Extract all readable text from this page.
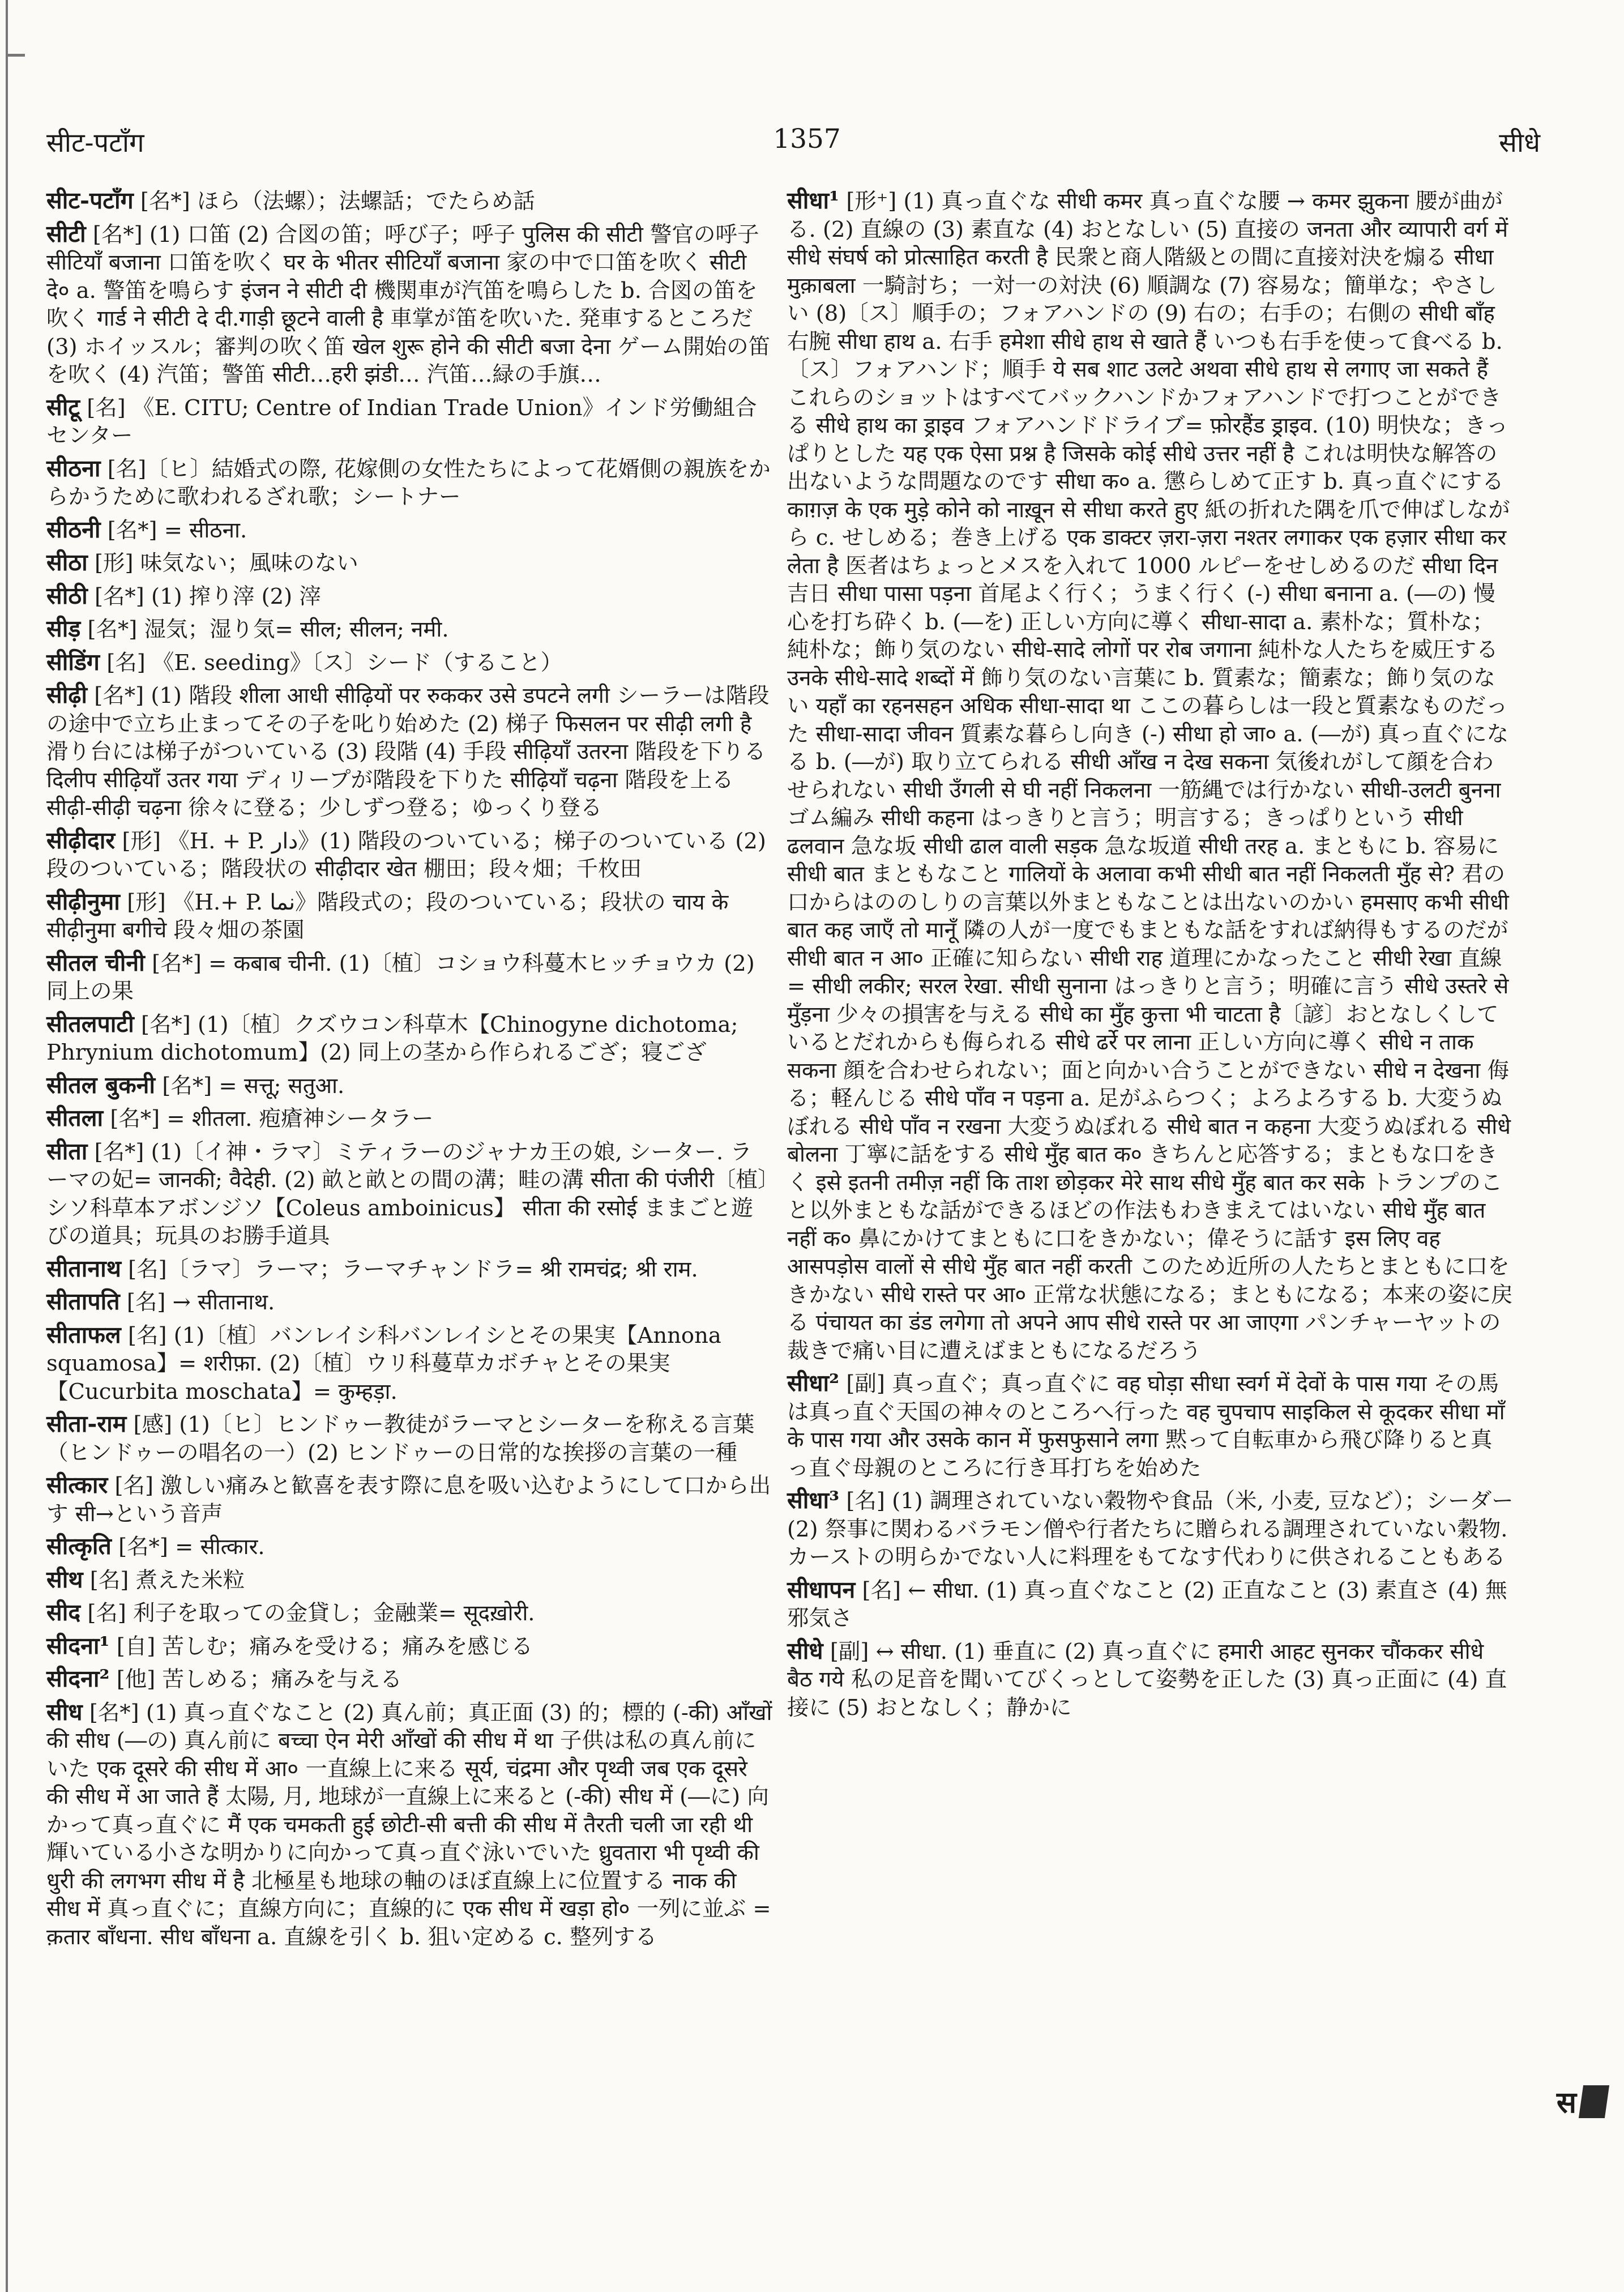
सीट-पटाँग	1357	सीधे
सीट-पटाँग [名*] ほら（法螺）；法螺話；でたらめ話
सीटी [名*] (1) 口笛 (2) 合図の笛；呼び子；呼子 पुलिस की सीटी 警官の呼子 सीटियाँ बजाना 口笛を吹く घर के भीतर सीटियाँ बजाना 家の中で口笛を吹く सीटी दे० a. 警笛を鳴らす इंजन ने सीटी दी 機関車が汽笛を鳴らした b. 合図の笛を吹く गार्ड ने सीटी दे दी.गाड़ी छूटने वाली है 車掌が笛を吹いた. 発車するところだ (3) ホイッスル；審判の吹く笛 खेल शुरू होने की सीटी बजा देना ゲーム開始の笛を吹く (4) 汽笛；警笛 सीटी…हरी झंडी… 汽笛…緑の手旗…
सीटू [名] 《E. CITU; Centre of Indian Trade Union》インド労働組合センター
सीठना [名]〔ヒ〕結婚式の際, 花嫁側の女性たちによって花婿側の親族をからかうために歌われるざれ歌；シートナー
सीठनी [名*] = सीठना.
सीठा [形] 味気ない；風味のない
सीठी [名*] (1) 搾り滓 (2) 滓
सीड़ [名*] 湿気；湿り気= सील; सीलन; नमी.
सीडिंग [名] 《E. seeding》〔ス〕シード（すること）
सीढ़ी [名*] (1) 階段 शीला आधी सीढ़ियों पर रुककर उसे डपटने लगी シーラーは階段の途中で立ち止まってその子を叱り始めた (2) 梯子 फिसलन पर सीढ़ी लगी है 滑り台には梯子がついている (3) 段階 (4) 手段 सीढ़ियाँ उतरना 階段を下りる दिलीप सीढ़ियाँ उतर गया ディリープが階段を下りた सीढ़ियाँ चढ़ना 階段を上る सीढ़ी-सीढ़ी चढ़ना 徐々に登る；少しずつ登る；ゆっくり登る
सीढ़ीदार [形] 《H. + P. دار》(1) 階段のついている；梯子のついている (2) 段のついている；階段状の सीढ़ीदार खेत 棚田；段々畑；千枚田
सीढ़ीनुमा [形] 《H.+ P. نما》階段式の；段のついている；段状の चाय के सीढ़ीनुमा बगीचे 段々畑の茶園
सीतल चीनी [名*] = कबाब चीनी. (1)〔植〕コショウ科蔓木ヒッチョウカ (2) 同上の果
सीतलपाटी [名*] (1)〔植〕クズウコン科草木【Chinogyne dichotoma; Phrynium dichotomum】(2) 同上の茎から作られるござ；寝ござ
सीतल बुकनी [名*] = सत्तू; सतुआ.
सीतला [名*] = शीतला. 疱瘡神シータラー
सीता [名*] (1)〔イ神・ラマ〕ミティラーのジャナカ王の娘, シーター. ラーマの妃= जानकी; वैदेही. (2) 畝と畝との間の溝；畦の溝 सीता की पंजीरी〔植〕シソ科草本アボンジソ【Coleus amboinicus】 सीता की रसोई ままごと遊びの道具；玩具のお勝手道具
सीतानाथ [名]〔ラマ〕ラーマ；ラーマチャンドラ= श्री रामचंद्र; श्री राम.
सीतापति [名] → सीतानाथ.
सीताफल [名] (1)〔植〕バンレイシ科バンレイシとその果実【Annona squamosa】= शरीफ़ा. (2)〔植〕ウリ科蔓草カボチャとその果実【Cucurbita moschata】= कुम्हड़ा.
सीता-राम [感] (1)〔ヒ〕ヒンドゥー教徒がラーマとシーターを称える言葉（ヒンドゥーの唱名の一）(2) ヒンドゥーの日常的な挨拶の言葉の一種
सीत्कार [名] 激しい痛みと歓喜を表す際に息を吸い込むようにして口から出す सी→という音声
सीत्कृति [名*] = सीत्कार.
सीथ [名] 煮えた米粒
सीद [名] 利子を取っての金貸し；金融業= सूदख़ोरी.
सीदना¹ [自] 苦しむ；痛みを受ける；痛みを感じる
सीदना² [他] 苦しめる；痛みを与える
सीध [名*] (1) 真っ直ぐなこと (2) 真ん前；真正面 (3) 的；標的 (-की) आँखों की सीध (―の) 真ん前に बच्चा ऐन मेरी आँखों की सीध में था 子供は私の真ん前にいた एक दूसरे की सीध में आ० 一直線上に来る सूर्य, चंद्रमा और पृथ्वी जब एक दूसरे की सीध में आ जाते हैं 太陽, 月, 地球が一直線上に来ると (-की) सीध में (―に) 向かって真っ直ぐに मैं एक चमकती हुई छोटी-सी बत्ती की सीध में तैरती चली जा रही थी 輝いている小さな明かりに向かって真っ直ぐ泳いでいた ध्रुवतारा भी पृथ्वी की धुरी की लगभग सीध में है 北極星も地球の軸のほぼ直線上に位置する नाक की सीध में 真っ直ぐに；直線方向に；直線的に एक सीध में खड़ा हो० 一列に並ぶ = क़तार बाँधना. सीध बाँधना a. 直線を引く b. 狙い定める c. 整列する
सीधा¹ [形⁺] (1) 真っ直ぐな सीधी कमर 真っ直ぐな腰 → कमर झुकना 腰が曲がる. (2) 直線の (3) 素直な (4) おとなしい (5) 直接の जनता और व्यापारी वर्ग में सीधे संघर्ष को प्रोत्साहित करती है 民衆と商人階級との間に直接対決を煽る सीधा मुक़ाबला 一騎討ち；一対一の対決 (6) 順調な (7) 容易な；簡単な；やさしい (8)〔ス〕順手の；フォアハンドの (9) 右の；右手の；右側の सीधी बाँह 右腕 सीधा हाथ a. 右手 हमेशा सीधे हाथ से खाते हैं いつも右手を使って食べる b.〔ス〕フォアハンド；順手 ये सब शाट उलटे अथवा सीधे हाथ से लगाए जा सकते हैं これらのショットはすべてバックハンドかフォアハンドで打つことができる सीधे हाथ का ड्राइव フォアハンドドライブ= फ़ोरहैंड ड्राइव. (10) 明快な；きっぱりとした यह एक ऐसा प्रश्न है जिसके कोई सीधे उत्तर नहीं है これは明快な解答の出ないような問題なのです सीधा क० a. 懲らしめて正す b. 真っ直ぐにする काग़ज़ के एक मुड़े कोने को नाख़ून से सीधा करते हुए 紙の折れた隅を爪で伸ばしながら c. せしめる；巻き上げる एक डाक्टर ज़रा-ज़रा नश्तर लगाकर एक हज़ार सीधा कर लेता है 医者はちょっとメスを入れて 1000 ルピーをせしめるのだ सीधा दिन 吉日 सीधा पासा पड़ना 首尾よく行く；うまく行く (-) सीधा बनाना a. (―の) 慢心を打ち砕く b. (―を) 正しい方向に導く सीधा-सादा a. 素朴な；質朴な；純朴な；飾り気のない सीधे-सादे लोगों पर रोब जगाना 純朴な人たちを威圧する उनके सीधे-सादे शब्दों में 飾り気のない言葉に b. 質素な；簡素な；飾り気のない यहाँ का रहनसहन अधिक सीधा-सादा था ここの暮らしは一段と質素なものだった सीधा-सादा जीवन 質素な暮らし向き (-) सीधा हो जा० a. (―が) 真っ直ぐになる b. (―が) 取り立てられる सीधी आँख न देख सकना 気後れがして顔を合わせられない सीधी उँगली से घी नहीं निकलना 一筋縄では行かない सीधी-उलटी बुनना ゴム編み सीधी कहना はっきりと言う；明言する；きっぱりという सीधी ढलवान 急な坂 सीधी ढाल वाली सड़क 急な坂道 सीधी तरह a. まともに b. 容易に सीधी बात まともなこと गालियों के अलावा कभी सीधी बात नहीं निकलती मुँह से? 君の口からはののしりの言葉以外まともなことは出ないのかい हमसाए कभी सीधी बात कह जाएँ तो मानूँ 隣の人が一度でもまともな話をすれば納得もするのだが सीधी बात न आ० 正確に知らない सीधी राह 道理にかなったこと सीधी रेखा 直線= सीधी लकीर; सरल रेखा. सीधी सुनाना はっきりと言う；明確に言う सीधे उस्तरे से मुँड़ना 少々の損害を与える सीधे का मुँह कुत्ता भी चाटता है〔諺〕おとなしくしているとだれからも侮られる सीधे ढर्रे पर लाना 正しい方向に導く सीधे न ताक सकना 顔を合わせられない；面と向かい合うことができない सीधे न देखना 侮る；軽んじる सीधे पाँव न पड़ना a. 足がふらつく；よろよろする b. 大変うぬぼれる सीधे पाँव न रखना 大変うぬぼれる सीधे बात न कहना 大変うぬぼれる सीधे बोलना 丁寧に話をする सीधे मुँह बात क० きちんと応答する；まともな口をきく इसे इतनी तमीज़ नहीं कि ताश छोड़कर मेरे साथ सीधे मुँह बात कर सके トランプのこと以外まともな話ができるほどの作法もわきまえてはいない सीधे मुँह बात नहीं क० 鼻にかけてまともに口をきかない；偉そうに話す इस लिए वह आसपड़ोस वालों से सीधे मुँह बात नहीं करती このため近所の人たちとまともに口をきかない सीधे रास्ते पर आ० 正常な状態になる；まともになる；本来の姿に戻る पंचायत का डंड लगेगा तो अपने आप सीधे रास्ते पर आ जाएगा パンチャーヤットの裁きで痛い目に遭えばまともになるだろう
सीधा² [副] 真っ直ぐ；真っ直ぐに वह घोड़ा सीधा स्वर्ग में देवों के पास गया その馬は真っ直ぐ天国の神々のところへ行った वह चुपचाप साइकिल से कूदकर सीधा माँ के पास गया और उसके कान में फुसफुसाने लगा 黙って自転車から飛び降りると真っ直ぐ母親のところに行き耳打ちを始めた
सीधा³ [名] (1) 調理されていない穀物や食品（米, 小麦, 豆など）；シーダー (2) 祭事に関わるバラモン僧や行者たちに贈られる調理されていない穀物. カーストの明らかでない人に料理をもてなす代わりに供されることもある
सीधापन [名] ← सीधा. (1) 真っ直ぐなこと (2) 正直なこと (3) 素直さ (4) 無邪気さ
सीधे [副] ↔ सीधा. (1) 垂直に (2) 真っ直ぐに हमारी आहट सुनकर चौंककर सीधे बैठ गये 私の足音を聞いてびくっとして姿勢を正した (3) 真っ正面に (4) 直接に (5) おとなしく；静かに
स
